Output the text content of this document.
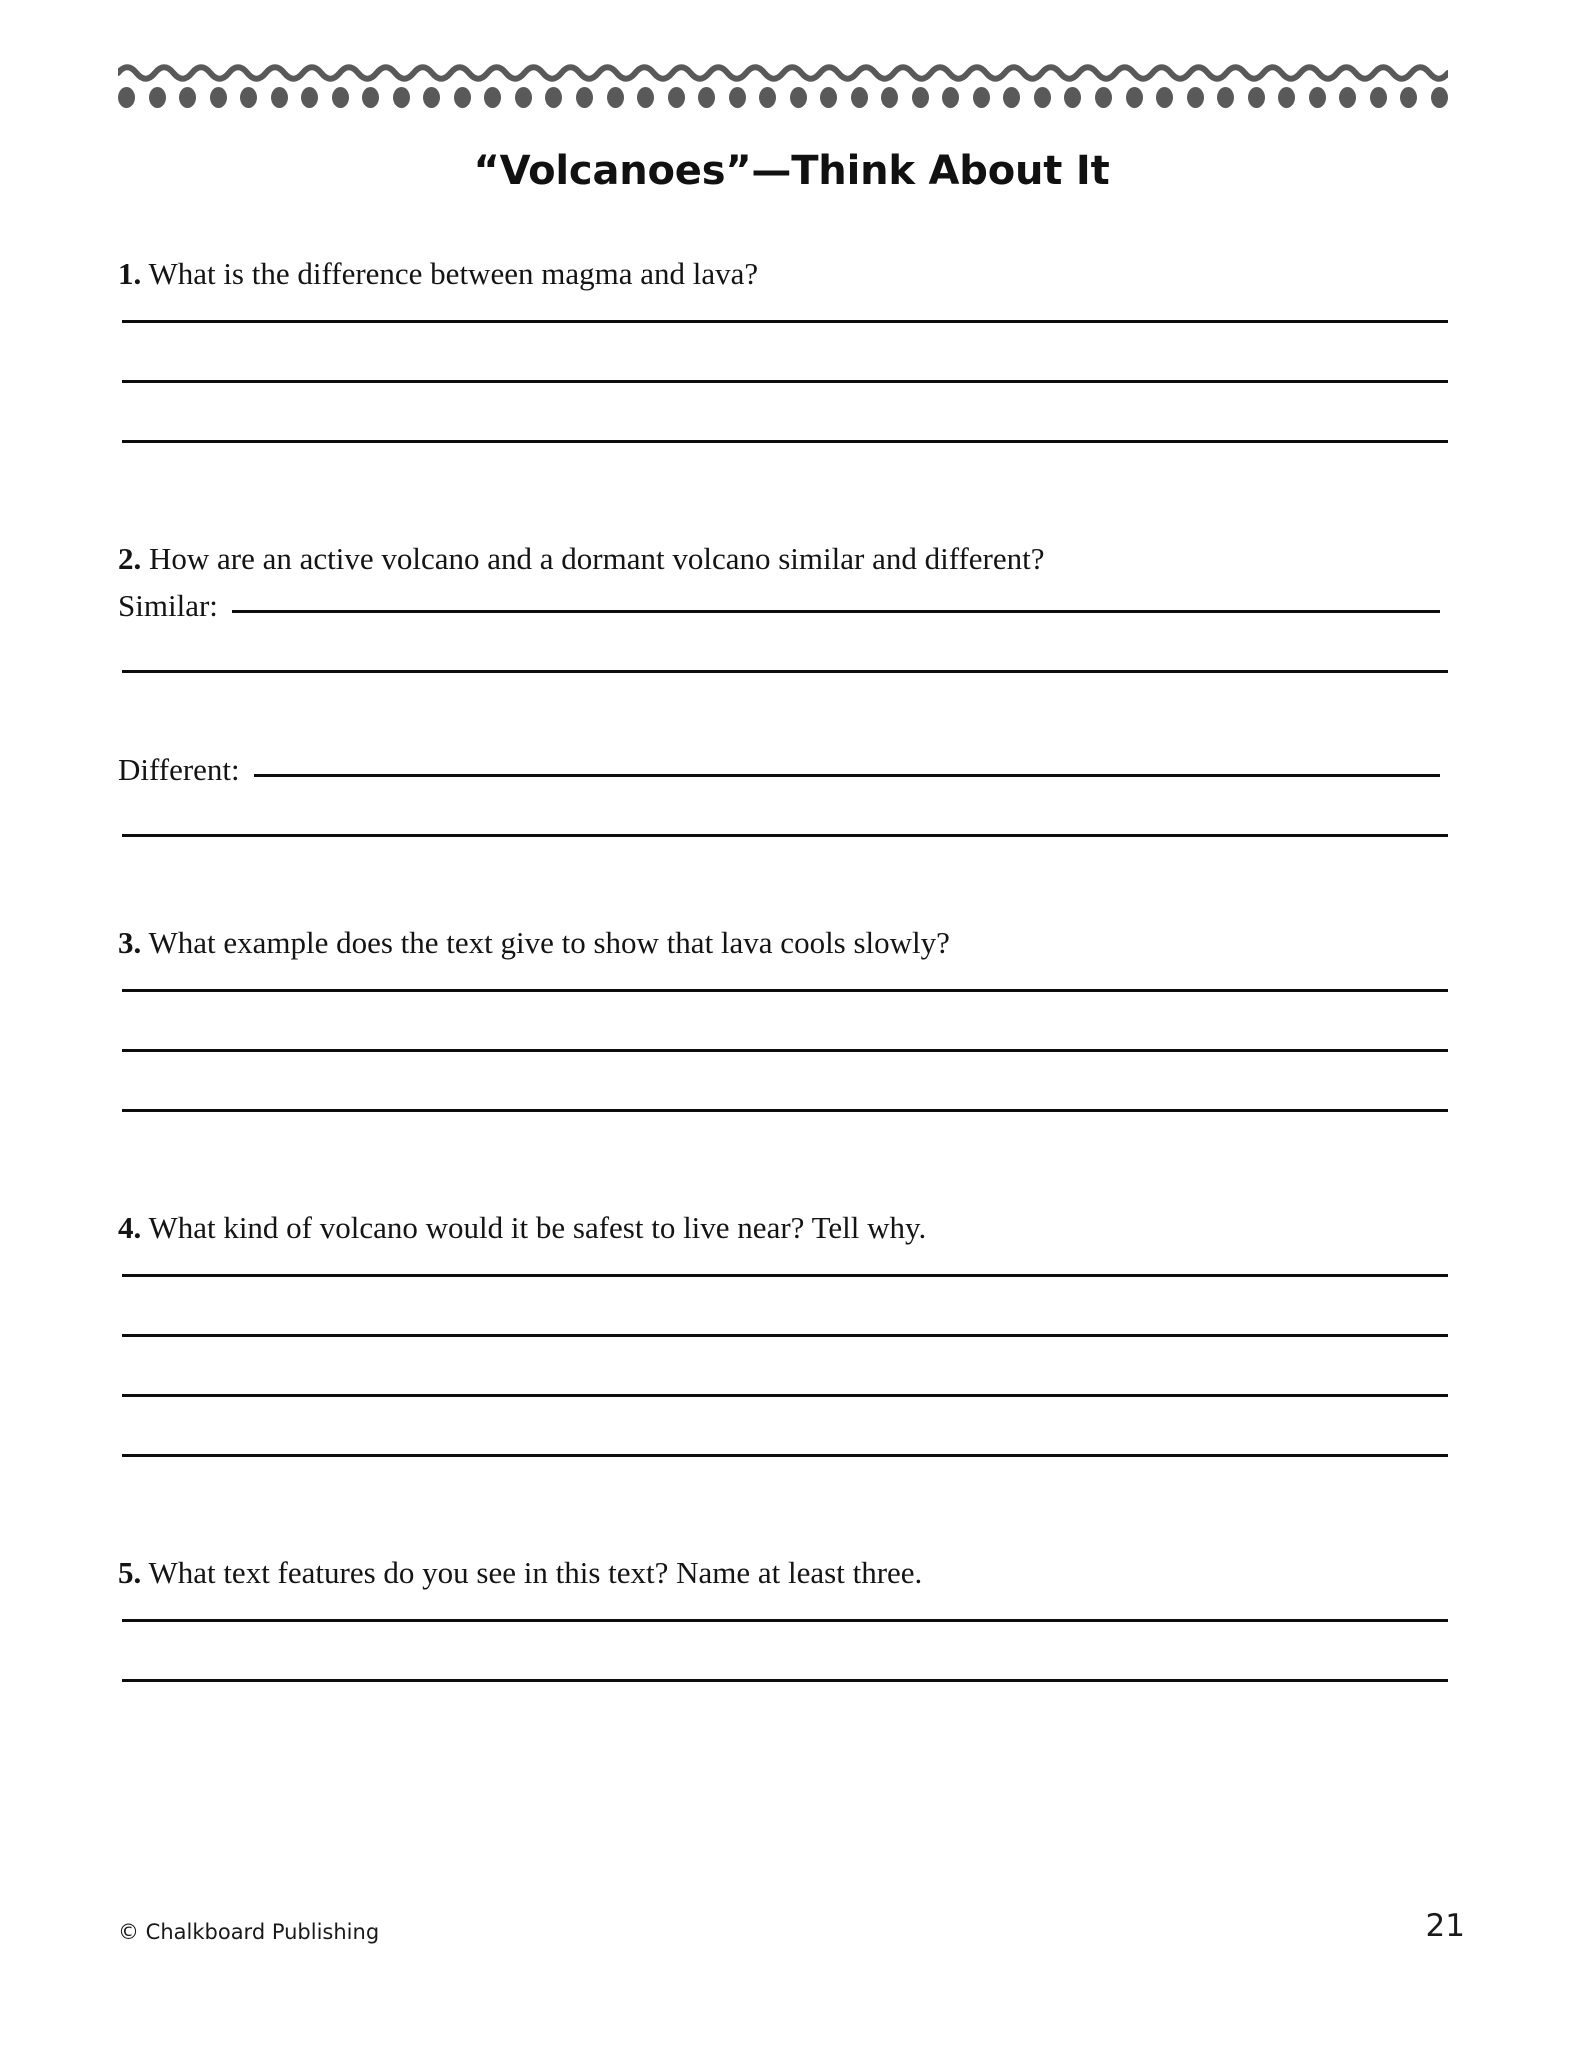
“Volcanoes”—Think About It
1. What is the difference between magma and lava?
2. How are an active volcano and a dormant volcano similar and different?
Similar:
Different:
3. What example does the text give to show that lava cools slowly?
4. What kind of volcano would it be safest to live near? Tell why.
5. What text features do you see in this text? Name at least three.
© Chalkboard Publishing	21
